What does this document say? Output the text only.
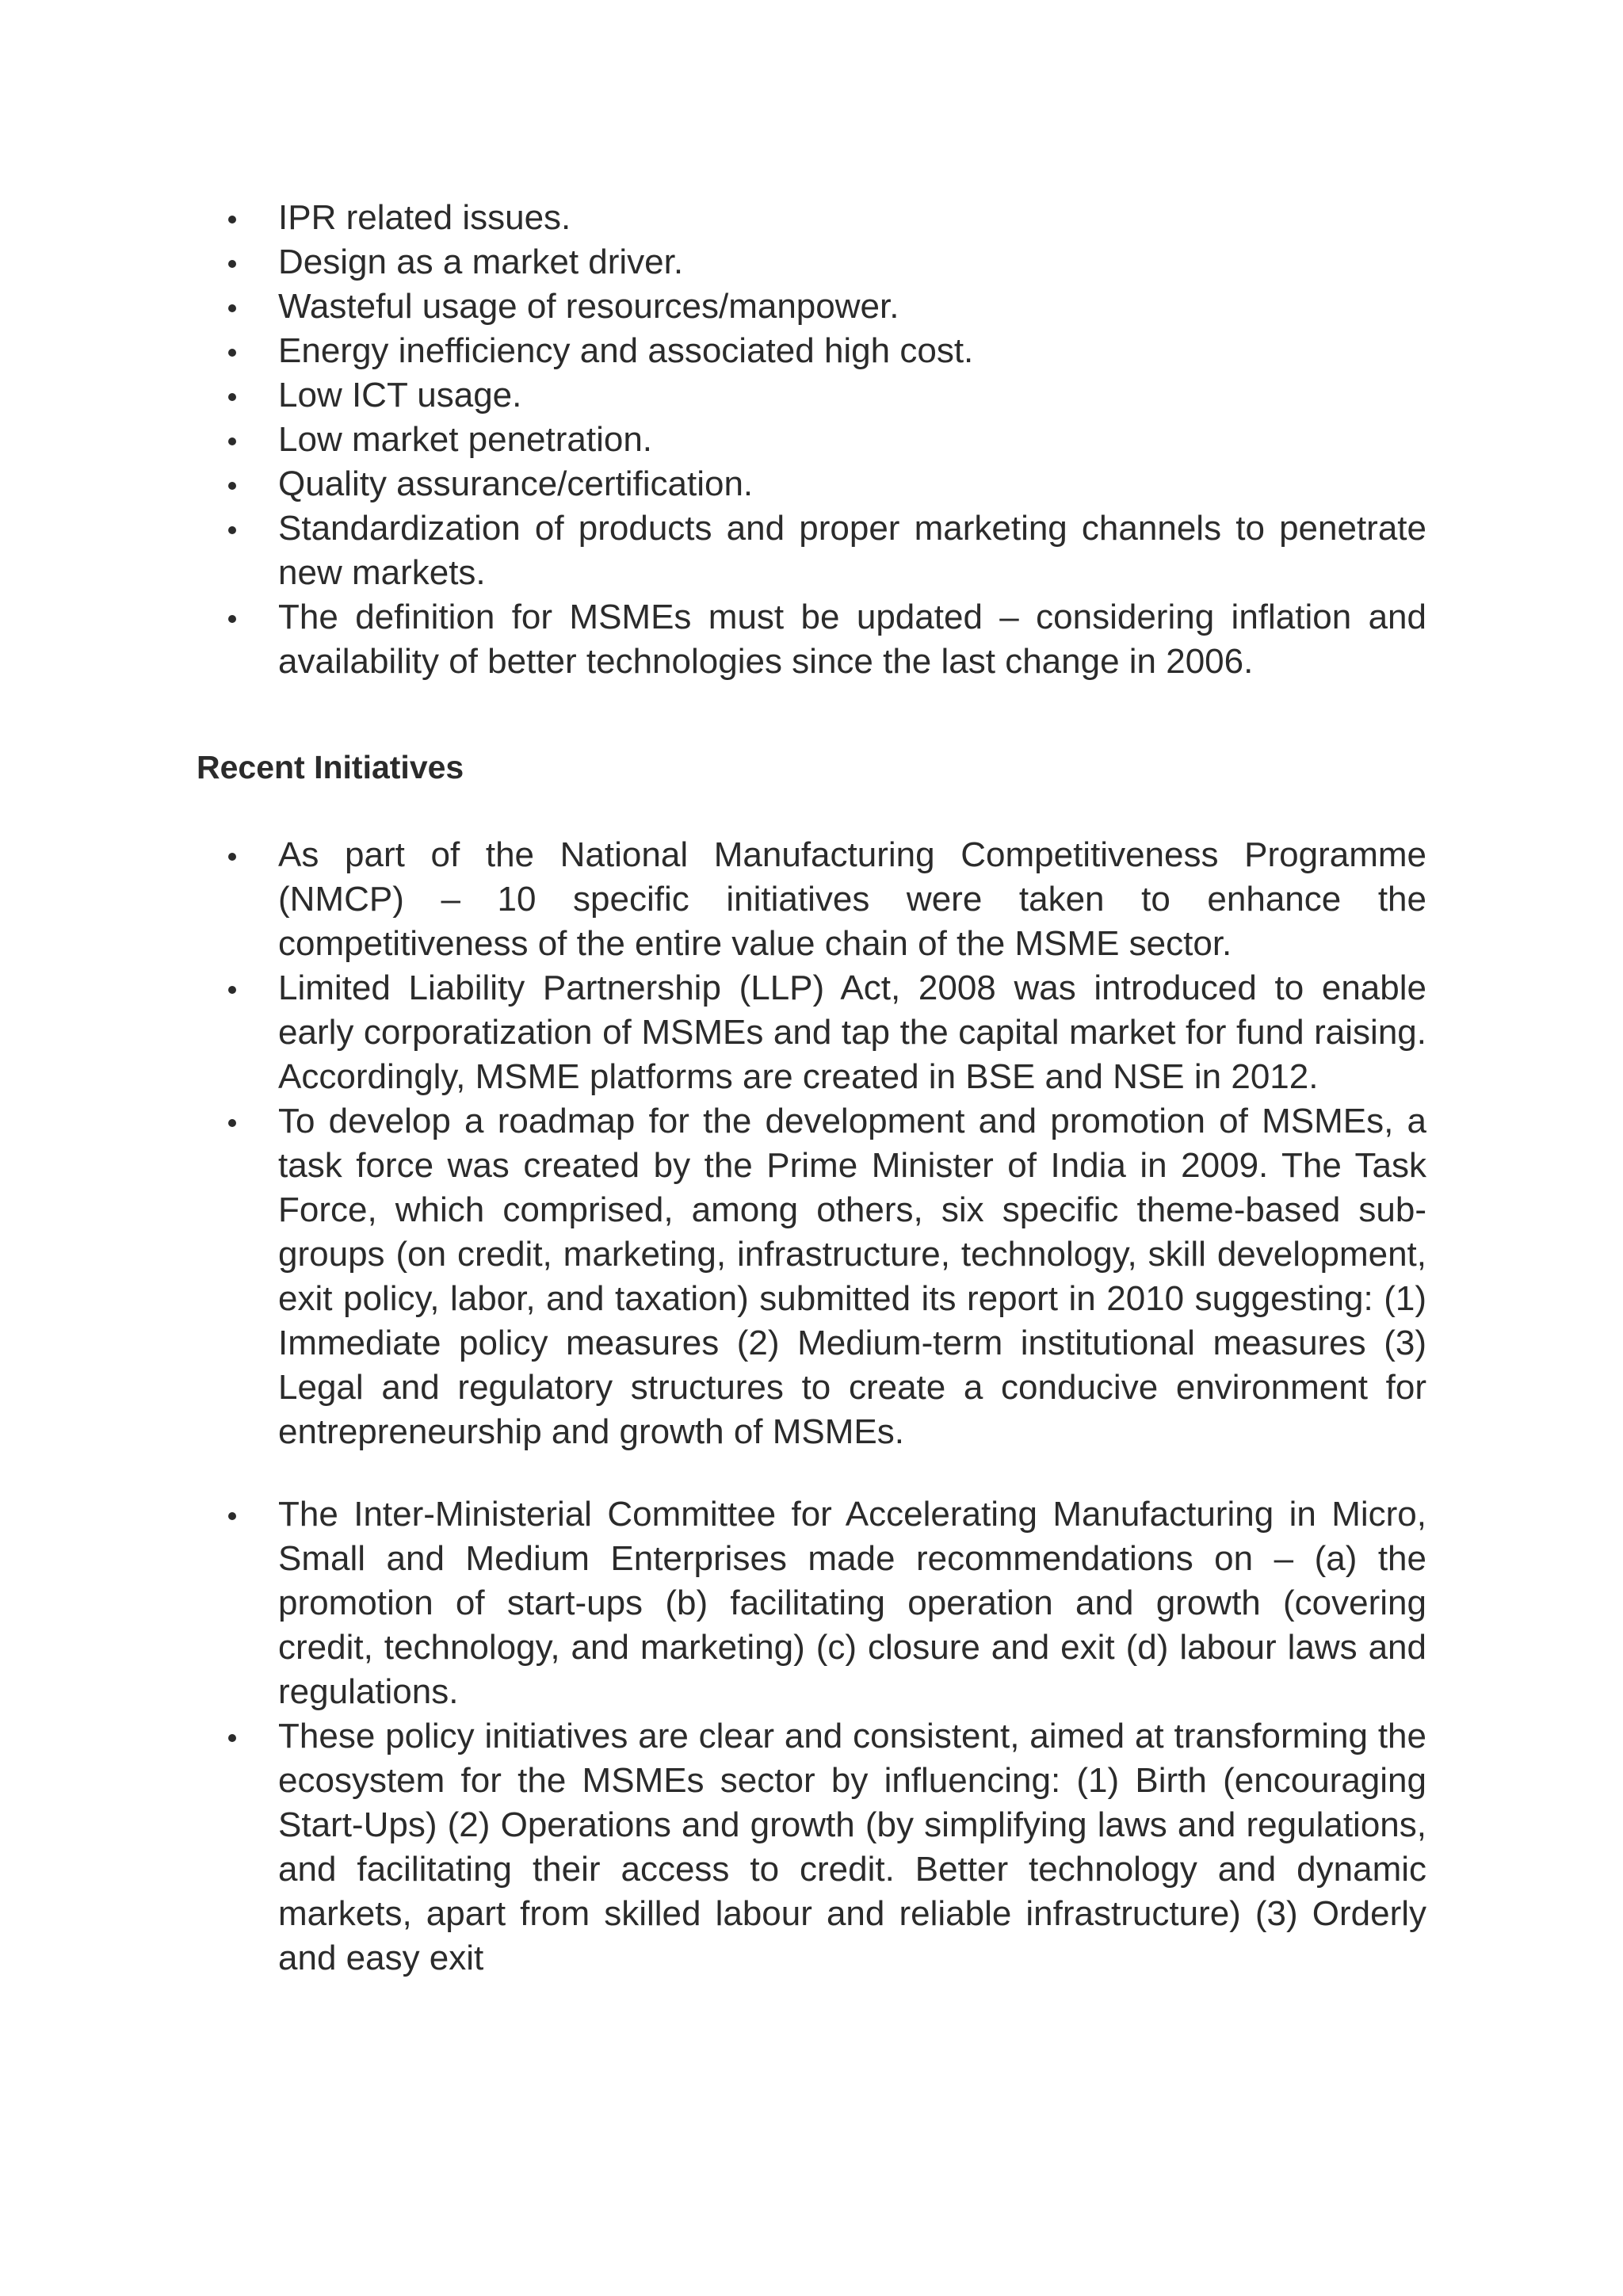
IPR related issues.
Design as a market driver.
Wasteful usage of resources/manpower.
Energy inefficiency and associated high cost.
Low ICT usage.
Low market penetration.
Quality assurance/certification.
Standardization of products and proper marketing channels to penetrate new markets.
The definition for MSMEs must be updated – considering inflation and availability of better technologies since the last change in 2006.
Recent Initiatives
As part of the National Manufacturing Competitiveness Programme (NMCP) – 10 specific initiatives were taken to enhance the competitiveness of the entire value chain of the MSME sector.
Limited Liability Partnership (LLP) Act, 2008 was introduced to enable early corporatization of MSMEs and tap the capital market for fund raising. Accordingly, MSME platforms are created in BSE and NSE in 2012.
To develop a roadmap for the development and promotion of MSMEs, a task force was created by the Prime Minister of India in 2009. The Task Force, which comprised, among others, six specific theme-based sub-groups (on credit, marketing, infrastructure, technology, skill development, exit policy, labor, and taxation) submitted its report in 2010 suggesting: (1) Immediate policy measures (2) Medium-term institutional measures (3) Legal and regulatory structures to create a conducive environment for entrepreneurship and growth of MSMEs.
The Inter-Ministerial Committee for Accelerating Manufacturing in Micro, Small and Medium Enterprises made recommendations on – (a) the promotion of start-ups (b) facilitating operation and growth (covering credit, technology, and marketing) (c) closure and exit (d) labour laws and regulations.
These policy initiatives are clear and consistent, aimed at transforming the ecosystem for the MSMEs sector by influencing: (1) Birth (encouraging Start-Ups) (2) Operations and growth (by simplifying laws and regulations, and facilitating their access to credit. Better technology and dynamic markets, apart from skilled labour and reliable infrastructure) (3) Orderly and easy exit
